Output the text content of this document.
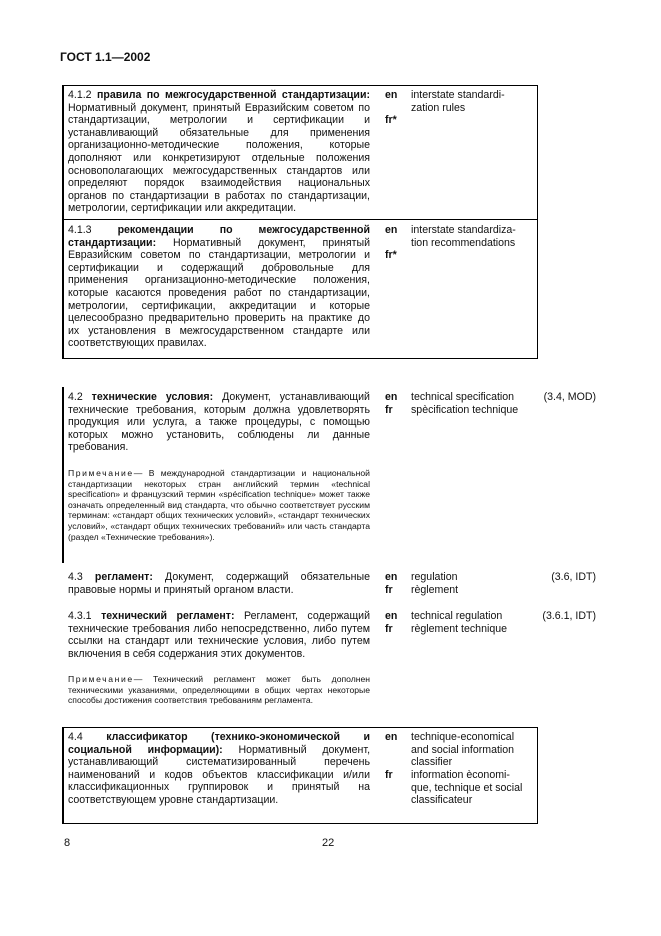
ГОСТ 1.1—2002
4.1.2 правила по межгосударственной стандартизации: Нормативный документ, принятый Евразийским советом по стандартизации, метрологии и сертификации и устанавливающий обязательные для применения организационно-методические положения, которые дополняют или конкретизируют отдельные положения основополагающих межгосударственных стандартов или определяют порядок взаимодействия национальных органов по стандартизации в работах по стандартизации, метрологии, сертификации или аккредитации.
en
fr*
interstate standardi-
zation rules
4.1.3 рекомендации по межгосударственной стандартизации: Нормативный документ, принятый Евразийским советом по стандартизации, метрологии и сертификации и содержащий добровольные для применения организационно-методические положения, которые касаются проведения работ по стандартизации, метрологии, сертификации, аккредитации и которые целесообразно предварительно проверить на практике до их установления в межгосударственном стандарте или соответствующих правилах.
en
fr*
interstate standardiza-
tion recommendations
4.2 технические условия: Документ, устанавливающий технические требования, которым должна удовлетворять продукция или услуга, а также процедуры, с помощью которых можно установить, соблюдены ли данные требования.
en
fr
technical specification
spècification technique
(3.4, MOD)
Примечание— В международной стандартизации и национальной стандартизации некоторых стран английский термин «technical specification» и французский термин «spécification technique» может также означать определенный вид стандарта, что обычно соответствует русским терминам: «стандарт общих технических условий», «стандарт технических условий», «стандарт общих технических требований» или часть стандарта (раздел «Технические требования»).
4.3 регламент: Документ, содержащий обязательные правовые нормы и принятый органом власти.
en
fr
regulation
règlement
(3.6, IDT)
4.3.1 технический регламент: Регламент, содержащий технические требования либо непосредственно, либо путем ссылки на стандарт или технические условия, либо путем включения в себя содержания этих документов.
en
fr
technical regulation
règlement technique
(3.6.1, IDT)
Примечание— Технический регламент может быть дополнен техническими указаниями, определяющими в общих чертах некоторые способы достижения соответствия требованиям регламента.
4.4 классификатор (технико-экономической и социальной информации): Нормативный документ, устанавливающий систематизированный перечень наименований и кодов объектов классификации и/или классификационных группировок и принятый на соответствующем уровне стандартизации.
en
fr
technique-economical
and social information
classifier
information èconomi-
que, technique et social
classificateur
8	22
